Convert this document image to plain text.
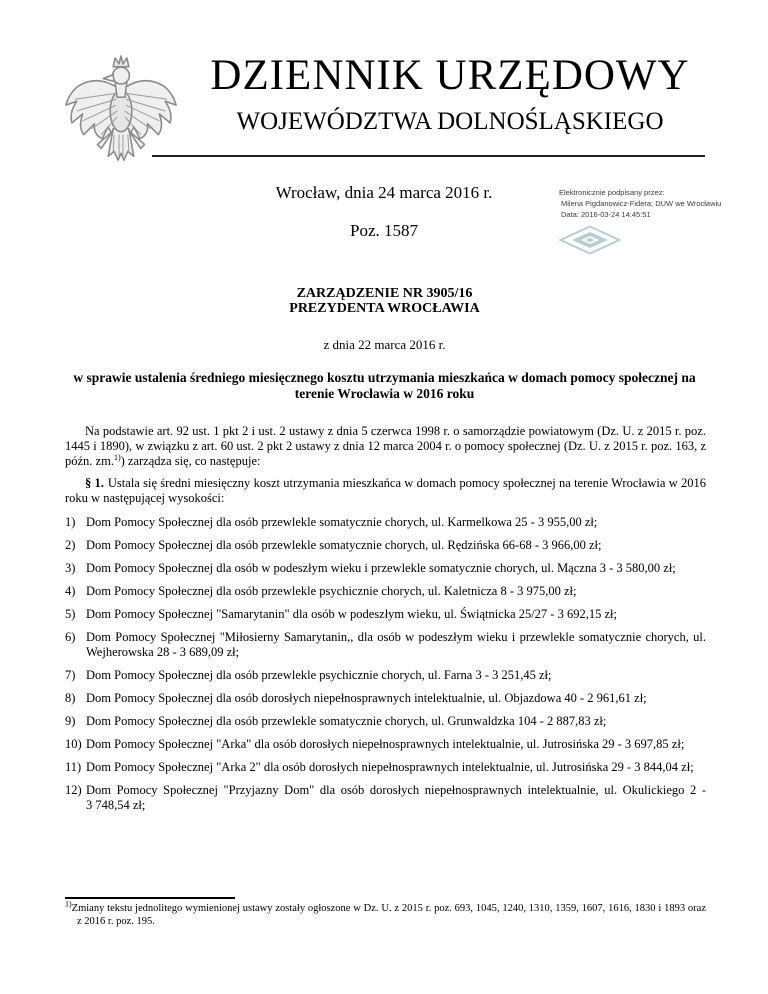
DZIENNIK URZĘDOWY
WOJEWÓDZTWA DOLNOŚLĄSKIEGO
Wrocław, dnia 24 marca 2016 r.
Poz. 1587
Elektronicznie podpisany przez:
Milena Pigdanowicz-Fidera; DUW we Wrocławiu
Data: 2016-03-24 14:45:51
ZARZĄDZENIE NR 3905/16
PREZYDENTA WROCŁAWIA
z dnia 22 marca 2016 r.
w sprawie ustalenia średniego miesięcznego kosztu utrzymania mieszkańca w domach pomocy społecznej na terenie Wrocławia w 2016 roku

Na podstawie art. 92 ust. 1 pkt 2 i ust. 2 ustawy z dnia 5 czerwca 1998 r. o samorządzie powiatowym (Dz. U. z 2015 r. poz. 1445 i 1890), w związku z art. 60 ust. 2 pkt 2 ustawy z dnia 12 marca 2004 r. o pomocy społecznej (Dz. U. z 2015 r. poz. 163, z późn. zm.$^{1)}$) zarządza się, co następuje:

§ 1. Ustala się średni miesięczny koszt utrzymania mieszkańca w domach pomocy społecznej na terenie Wrocławia w 2016 roku w następującej wysokości:

1) Dom Pomocy Społecznej dla osób przewlekle somatycznie chorych, ul. Karmelkowa 25 - 3 955,00 zł;
2) Dom Pomocy Społecznej dla osób przewlekle somatycznie chorych, ul. Rędzińska 66-68 - 3 966,00 zł;
3) Dom Pomocy Społecznej dla osób w podeszłym wieku i przewlekle somatycznie chorych, ul. Mączna 3 - 3 580,00 zł;
4) Dom Pomocy Społecznej dla osób przewlekle psychicznie chorych, ul. Kaletnicza 8 - 3 975,00 zł;
5) Dom Pomocy Społecznej "Samarytanin" dla osób w podeszłym wieku, ul. Świątnicka 25/27 - 3 692,15 zł;
6) Dom Pomocy Społecznej "Miłosierny Samarytanin,, dla osób w podeszłym wieku i przewlekle somatycznie chorych, ul. Wejherowska 28 - 3 689,09 zł;
7) Dom Pomocy Społecznej dla osób przewlekle psychicznie chorych, ul. Farna 3 - 3 251,45 zł;
8) Dom Pomocy Społecznej dla osób dorosłych niepełnosprawnych intelektualnie, ul. Objazdowa 40 - 2 961,61 zł;
9) Dom Pomocy Społecznej dla osób przewlekle somatycznie chorych, ul. Grunwaldzka 104 - 2 887,83 zł;
10) Dom Pomocy Społecznej "Arka" dla osób dorosłych niepełnosprawnych intelektualnie, ul. Jutrosińska 29 - 3 697,85 zł;
11) Dom Pomocy Społecznej "Arka 2" dla osób dorosłych niepełnosprawnych intelektualnie, ul. Jutrosińska 29 - 3 844,04 zł;
12) Dom Pomocy Społecznej "Przyjazny Dom" dla osób dorosłych niepełnosprawnych intelektualnie, ul. Okulickiego 2 - 3 748,54 zł;
$^{1)}$Zmiany tekstu jednolitego wymienionej ustawy zostały ogłoszone w Dz. U. z 2015 r. poz. 693, 1045, 1240, 1310, 1359, 1607, 1616, 1830 i 1893 oraz z 2016 r. poz. 195.
